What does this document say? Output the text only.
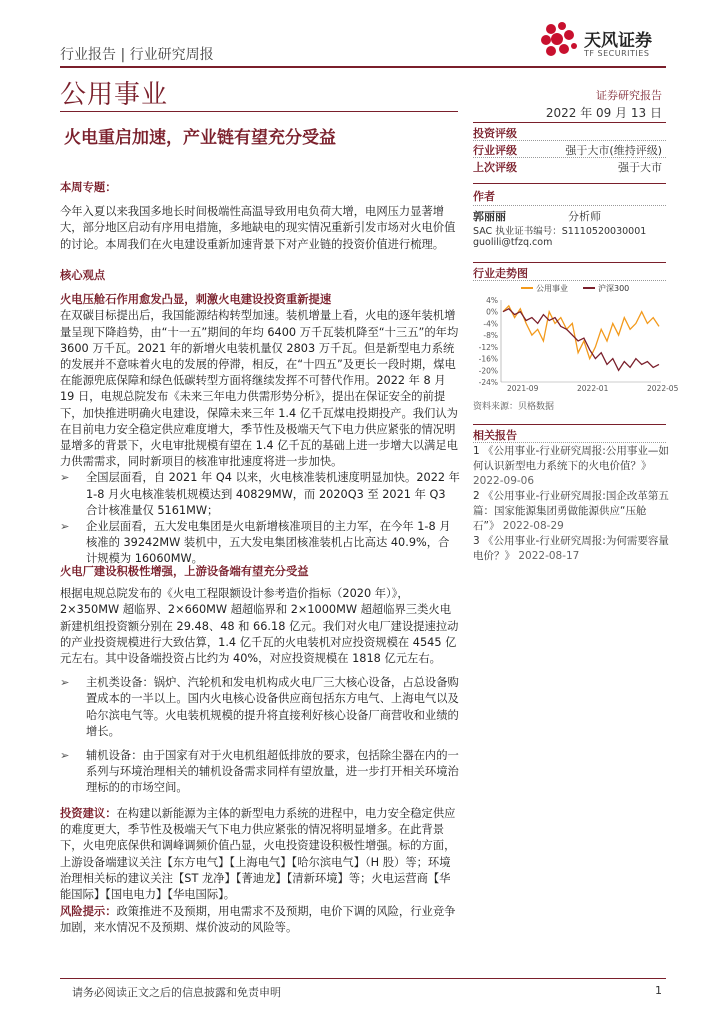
行业报告 | 行业研究周报
公用事业
火电重启加速，产业链有望充分受益
天风证券
TF SECURITIES
证券研究报告
2022 年 09 月 13 日
投资评级
行业评级	强于大市(维持评级)
上次评级	强于大市
作者
郭丽丽	分析师
SAC 执业证书编号：S1110520030001
guolili@tfzq.com
行业走势图
公用事业	沪深300
4%
0%
-4%
-8%
-12%
-16%
-20%
-24%
2021-09	2022-01	2022-05
资料来源：贝格数据
相关报告
1 《公用事业-行业研究周报:公用事业—如何认识新型电力系统下的火电价值？》 2022-09-06
2 《公用事业-行业研究周报:国企改革第五篇：国家能源集团勇做能源供应“压舱石”》 2022-08-29
3 《公用事业-行业研究周报:为何需要容量电价？》 2022-08-17
本周专题：

今年入夏以来我国多地长时间极端性高温导致用电负荷大增，电网压力显著增大，部分地区启动有序用电措施，多地缺电的现实情况重新引发市场对火电价值的讨论。本周我们在火电建设重新加速背景下对产业链的投资价值进行梳理。

核心观点
火电压舱石作用愈发凸显，刺激火电建设投资重新提速

在双碳目标提出后，我国能源结构转型加速。装机增量上看，火电的逐年装机增量呈现下降趋势，由“十一五”期间的年均 6400 万千瓦装机降至“十三五”的年均 3600 万千瓦。2021 年的新增火电装机量仅 2803 万千瓦。但是新型电力系统的发展并不意味着火电的发展的停滞，相反，在“十四五”及更长一段时期，煤电在能源兜底保障和绿色低碳转型方面将继续发挥不可替代作用。2022 年 8 月 19 日，电规总院发布《未来三年电力供需形势分析》，提出在保证安全的前提下，加快推进明确火电建设，保障未来三年 1.4 亿千瓦煤电投期投产。我们认为在目前电力安全稳定供应难度增大，季节性及极端天气下电力供应紧张的情况明显增多的背景下，火电审批规模有望在 1.4 亿千瓦的基础上进一步增大以满足电力供需需求，同时新项目的核准审批速度将进一步加快。

➢	全国层面看，自 2021 年 Q4 以来，火电核准装机速度明显加快。2022 年 1-8 月火电核准装机规模达到 40829MW，而 2020Q3 至 2021 年 Q3 合计核准量仅 5161MW；

➢	企业层面看，五大发电集团是火电新增核准项目的主力军，在今年 1-8 月核准的 39242MW 装机中，五大发电集团核准装机占比高达 40.9%，合计规模为 16060MW。

火电厂建设积极性增强，上游设备端有望充分受益

根据电规总院发布的《火电工程限额设计参考造价指标（2020 年）》，2×350MW 超临界、2×660MW 超超临界和 2×1000MW 超超临界三类火电新建机组投资额分别在 29.48、48 和 66.18 亿元。我们对火电厂建设提速拉动的产业投资规模进行大致估算，1.4 亿千瓦的火电装机对应投资规模在 4545 亿元左右。其中设备端投资占比约为 40%，对应投资规模在 1818 亿元左右。

➢	主机类设备：锅炉、汽轮机和发电机构成火电厂三大核心设备，占总设备购置成本的一半以上。国内火电核心设备供应商包括东方电气、上海电气以及哈尔滨电气等。火电装机规模的提升将直接利好核心设备厂商营收和业绩的增长。

➢	辅机设备：由于国家有对于火电机组超低排放的要求，包括除尘器在内的一系列与环境治理相关的辅机设备需求同样有望放量，进一步打开相关环境治理标的的市场空间。

投资建议：在构建以新能源为主体的新型电力系统的进程中，电力安全稳定供应的难度更大，季节性及极端天气下电力供应紧张的情况将明显增多。在此背景下，火电兜底保供和调峰调频价值凸显，火电投资建设积极性增强。标的方面，上游设备端建议关注【东方电气】【上海电气】【哈尔滨电气】（H 股）等；环境治理相关标的建议关注【ST 龙净】【菁迪龙】【清新环境】等；火电运营商【华能国际】【国电电力】【华电国际】。

风险提示：政策推进不及预期，用电需求不及预期，电价下调的风险，行业竞争加剧，来水情况不及预期、煤价波动的风险等。

请务必阅读正文之后的信息披露和免责申明	1
